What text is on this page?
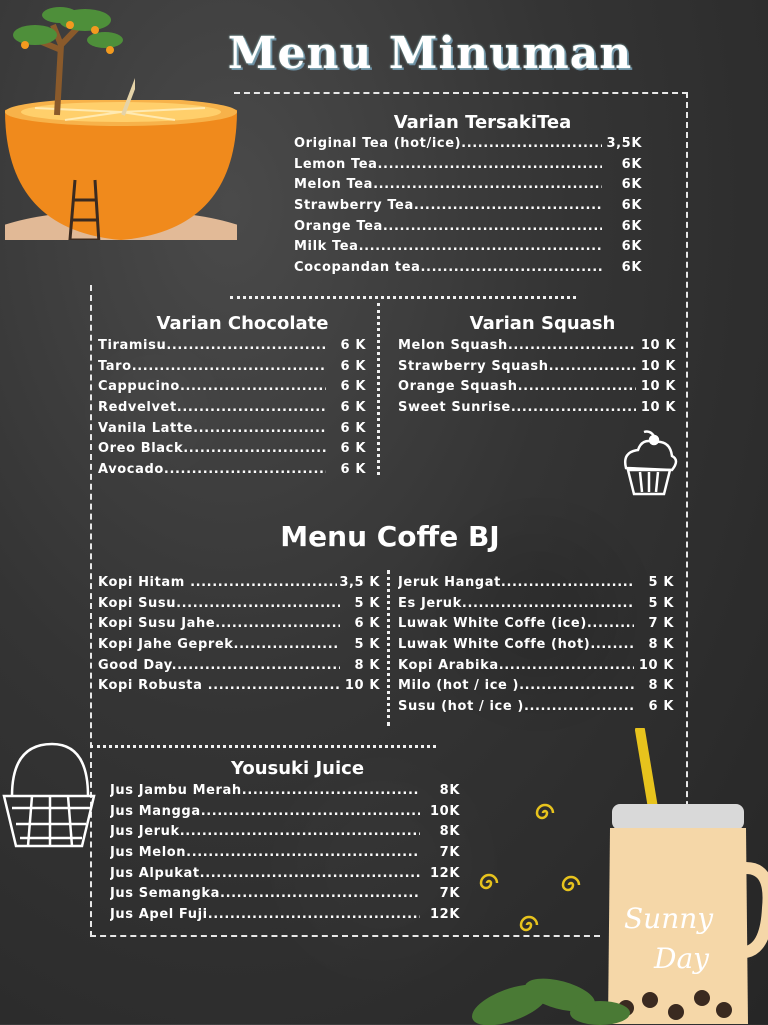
Menu Minuman
Varian TersakiTea
Original Tea (hot/ice) .....	3,5K
Lemon Tea .....	6K
Melon Tea .....	6K
Strawberry Tea .....	6K
Orange Tea .....	6K
Milk Tea .....	6K
Cocopandan tea .....	6K
Varian Chocolate
Tiramisu .....	6 K
Taro .....	6 K
Cappucino .....	6 K
Redvelvet .....	6 K
Vanila Latte .....	6 K
Oreo Black .....	6 K
Avocado .....	6 K
Varian Squash
Melon Squash .....	10 K
Strawberry Squash .....	10 K
Orange Squash .....	10 K
Sweet Sunrise .....	10 K
Menu Coffe BJ
Kopi Hitam .....	3,5 K
Kopi Susu .....	5 K
Kopi Susu Jahe .....	6 K
Kopi Jahe Geprek .....	5 K
Good Day .....	8 K
Kopi Robusta .....	10 K
Jeruk Hangat .....	5 K
Es Jeruk .....	5 K
Luwak White Coffe (ice) .....	7 K
Luwak White Coffe (hot) .....	8 K
Kopi Arabika .....	10 K
Milo (hot / ice ) .....	8 K
Susu (hot / ice ) .....	6 K
Yousuki Juice
Jus Jambu Merah .....	8K
Jus Mangga .....	10K
Jus Jeruk .....	8K
Jus Melon .....	7K
Jus Alpukat .....	12K
Jus Semangka .....	7K
Jus Apel Fuji .....	12K	Sunny
Day
